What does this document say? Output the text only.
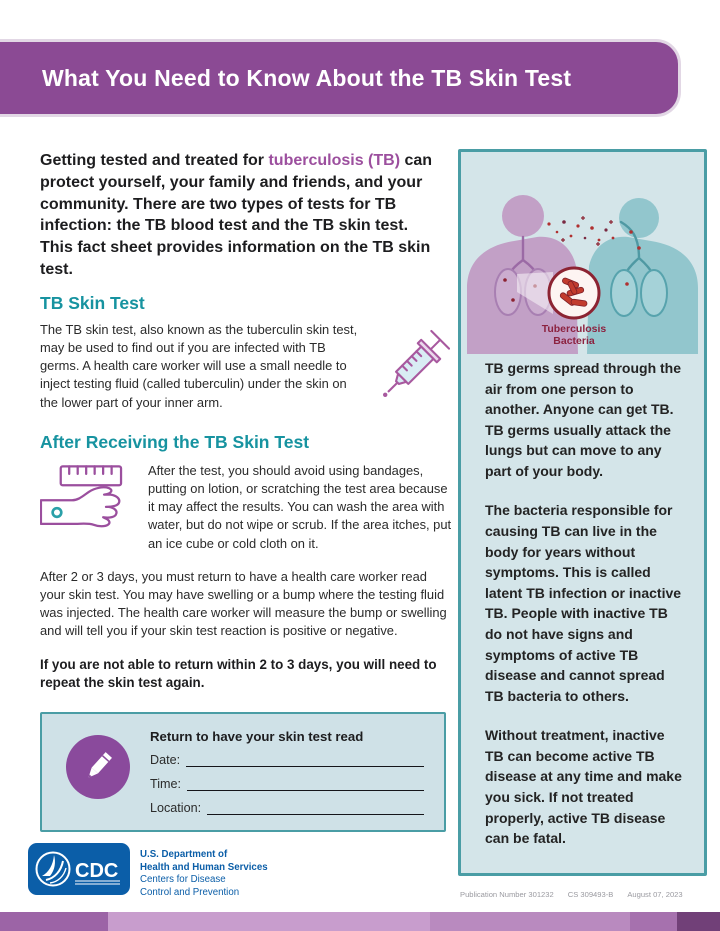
What You Need to Know About the TB Skin Test

Getting tested and treated for tuberculosis (TB) can protect yourself, your family and friends, and your community. There are two types of tests for TB infection: the TB blood test and the TB skin test. This fact sheet provides information on the TB skin test.

TB Skin Test

The TB skin test, also known as the tuberculin skin test, may be used to find out if you are infected with TB germs. A health care worker will use a small needle to inject testing fluid (called tuberculin) under the skin on the lower part of your inner arm.

After Receiving the TB Skin Test

After the test, you should avoid using bandages, putting on lotion, or scratching the test area because it may affect the results. You can wash the area with water, but do not wipe or scrub. If the area itches, put an ice cube or cold cloth on it.

After 2 or 3 days, you must return to have a health care worker read your skin test. You may have swelling or a bump where the testing fluid was injected. The health care worker will measure the bump or swelling and will tell you if your skin test reaction is positive or negative.

If you are not able to return within 2 to 3 days, you will need to repeat the skin test again.

Return to have your skin test read
Date:
Time:
Location:
Tuberculosis
Bacteria

TB germs spread through the air from one person to another. Anyone can get TB. TB germs usually attack the lungs but can move to any part of your body.

The bacteria responsible for causing TB can live in the body for years without symptoms. This is called latent TB infection or inactive TB. People with inactive TB do not have signs and symptoms of active TB disease and cannot spread TB bacteria to others.

Without treatment, inactive TB can become active TB disease at any time and make you sick. If not treated properly, active TB disease can be fatal.

CDC
U.S. Department of
Health and Human Services
Centers for Disease
Control and Prevention	Publication Number 301232 CS 309493-B August 07, 2023
